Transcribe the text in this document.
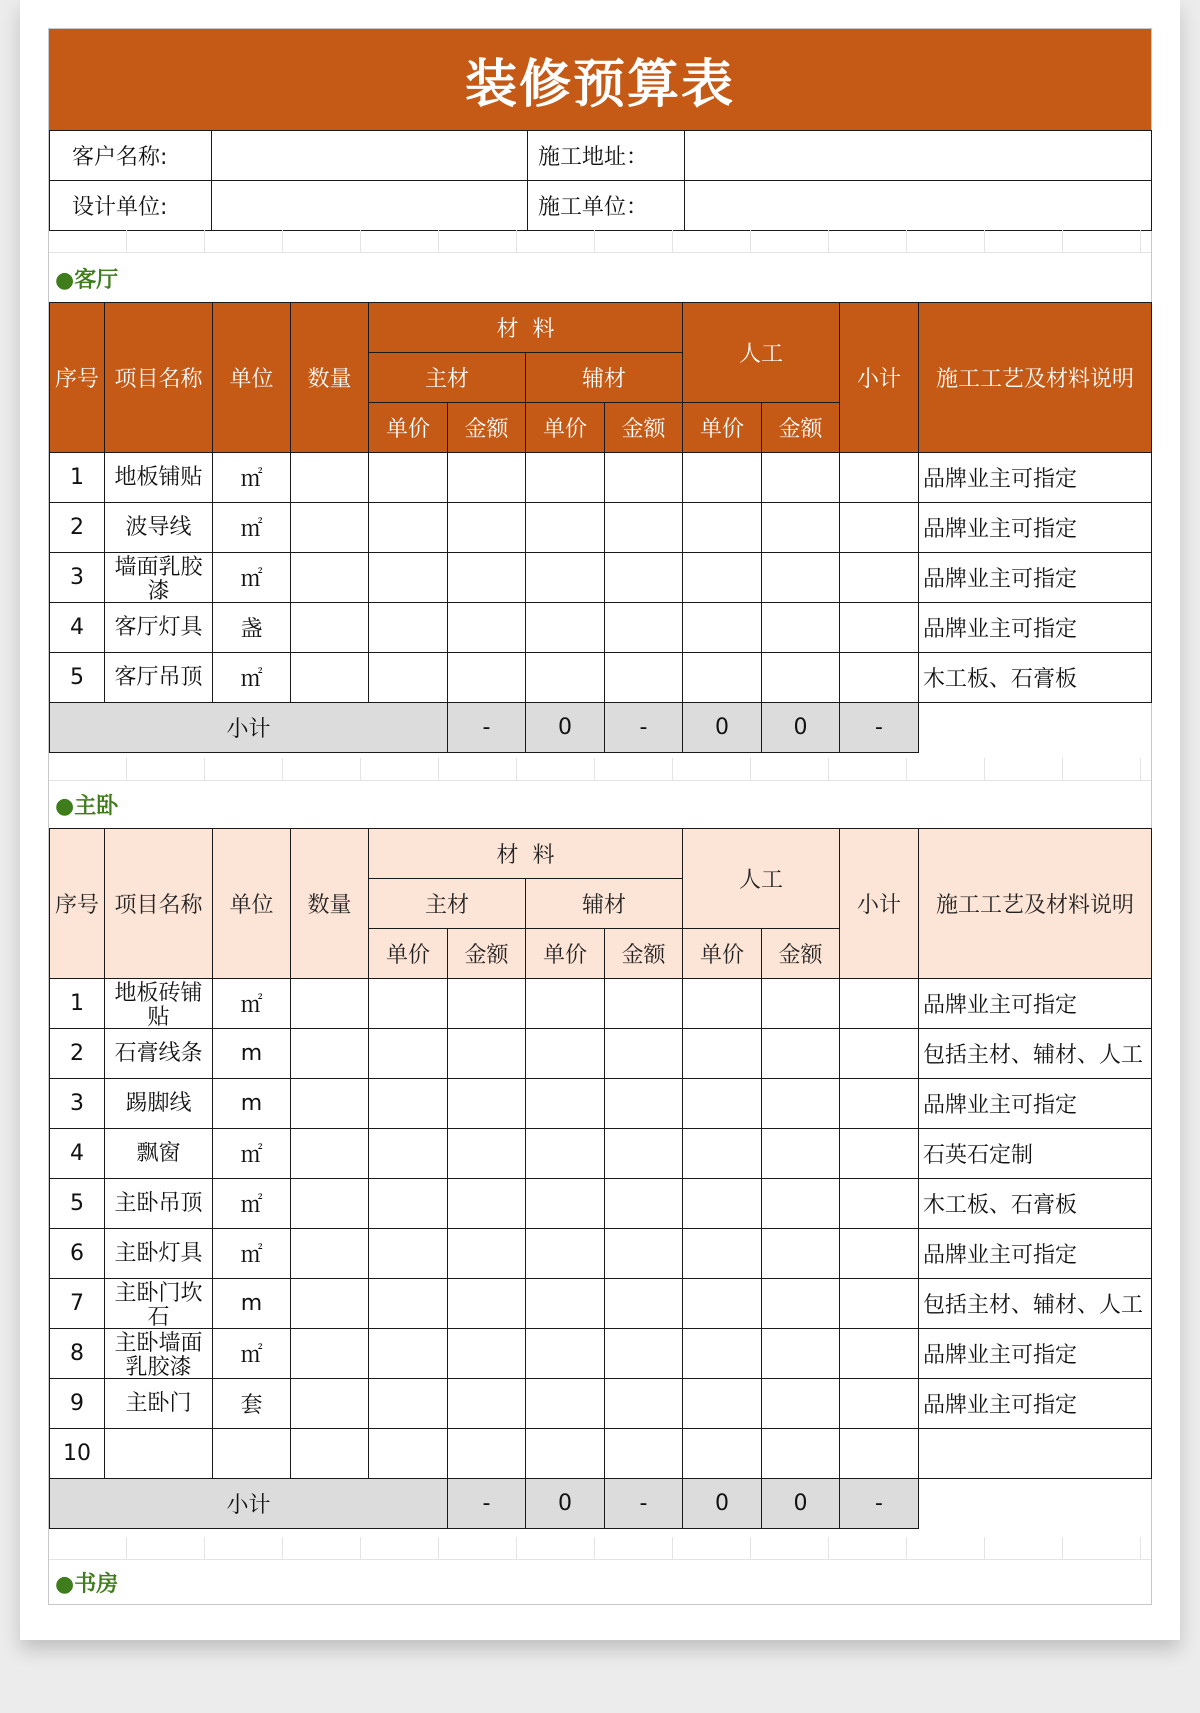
装修预算表
客户名称:		施工地址：	
设计单位:		施工单位：	
●客厅
序号	项目名称	单位	数量	材  料				人工		小计	施工工艺及材料说明
				主材		辅材					
				单价	金额	单价	金额	单价	金额		
1	地板铺贴	㎡									品牌业主可指定
2	波导线	㎡									品牌业主可指定
3	墙面乳胶漆	㎡									品牌业主可指定
4	客厅灯具	盏									品牌业主可指定
5	客厅吊顶	㎡									木工板、石膏板
小计					-	0	-	0	0	-	
●主卧
序号	项目名称	单位	数量	材  料				人工		小计	施工工艺及材料说明
				主材		辅材					
				单价	金额	单价	金额	单价	金额		
1	地板砖铺贴	㎡									品牌业主可指定
2	石膏线条	m									包括主材、辅材、人工
3	踢脚线	m									品牌业主可指定
4	飘窗	㎡									石英石定制
5	主卧吊顶	㎡									木工板、石膏板
6	主卧灯具	㎡									品牌业主可指定
7	主卧门坎石	m									包括主材、辅材、人工
8	主卧墙面乳胶漆	㎡									品牌业主可指定
9	主卧门	套									品牌业主可指定
10											
小计					-	0	-	0	0	-	
●书房
